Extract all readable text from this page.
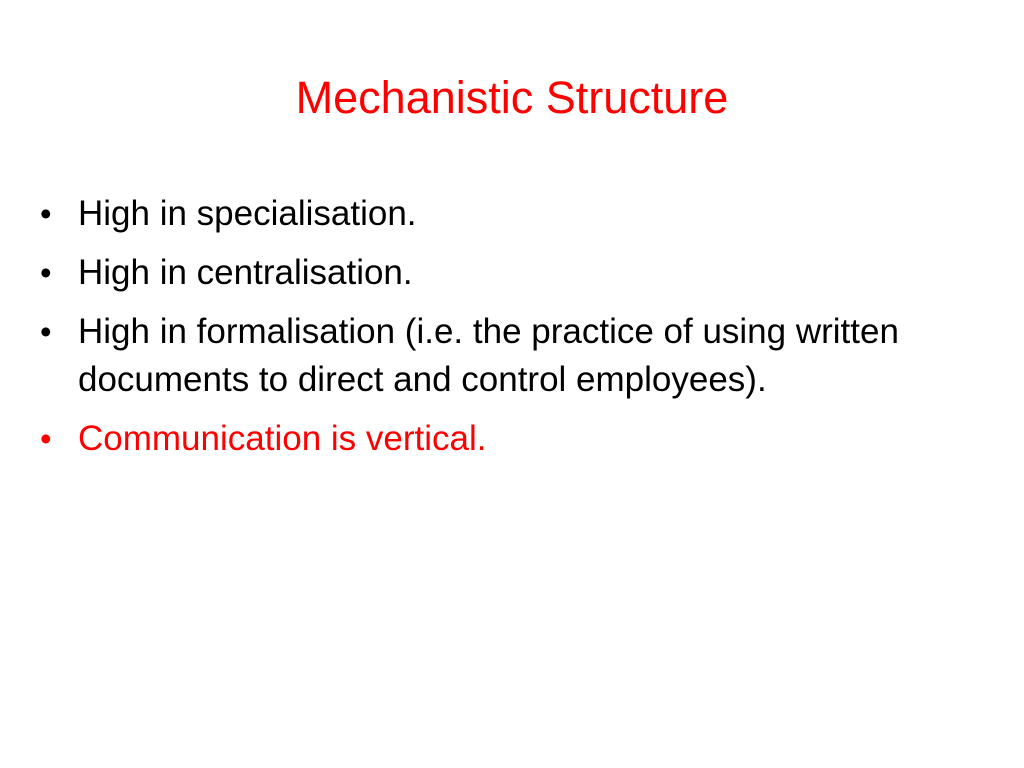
Mechanistic Structure
• High in specialisation.
• High in centralisation.
• High in formalisation (i.e. the practice of using written documents to direct and control employees).
• Communication is vertical.
